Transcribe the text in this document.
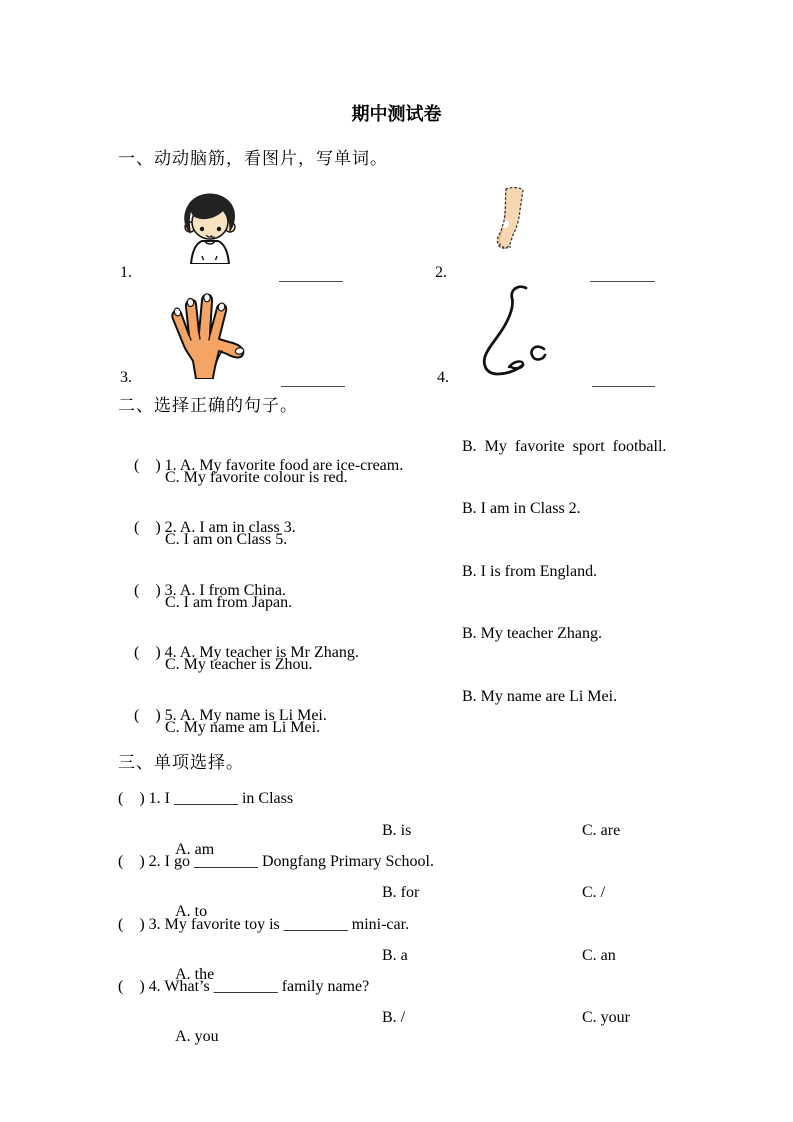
期中测试卷
一、动动脑筋，看图片，写单词。
1.	2.
3.	4.
二、选择正确的句子。

(    ) 1. A. My favorite food are ice-cream.

B.  My  favorite  sport  football.

C. My favorite colour is red.

(    ) 2. A. I am in class 3.

B. I am in Class 2.

C. I am on Class 5.

(    ) 3. A. I from China.

B. I is from England.

C. I am from Japan.

(    ) 4. A. My teacher is Mr Zhang.

B. My teacher Zhang.

C. My teacher is Zhou.

(    ) 5. A. My name is Li Mei.

B. My name are Li Mei.

C. My name am Li Mei.
三、单项选择。
(    ) 1. I ________ in Class

A. am

B. is

	C. are

(    ) 2. I go ________ Dongfang Primary School.

A. to

B. for

	C. /

(    ) 3. My favorite toy is ________ mini-car.

A. the

B. a

	C. an

(    ) 4. What’s ________ family name?

A. you

B. /

	C. your
